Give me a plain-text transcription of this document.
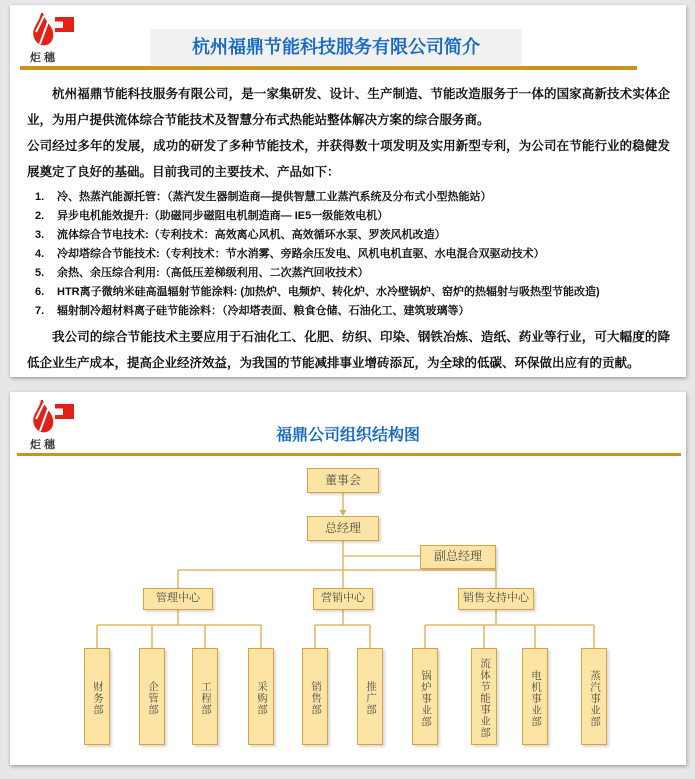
炬穗
杭州福鼎节能科技服务有限公司简介

杭州福鼎节能科技服务有限公司，是一家集研发、设计、生产制造、节能改造服务于一体的国家高新技术实体企业，为用户提供流体综合节能技术及智慧分布式热能站整体解决方案的综合服务商。

公司经过多年的发展，成功的研发了多种节能技术，并获得数十项发明及实用新型专利，为公司在节能行业的稳健发展奠定了良好的基础。目前我司的主要技术、产品如下：

1.	冷、热蒸汽能源托管：（蒸汽发生器制造商—提供智慧工业蒸汽系统及分布式小型热能站）
2.	异步电机能效提升:（助磁同步磁阻电机制造商— IE5一级能效电机）
3.	流体综合节电技术:（专利技术：高效离心风机、高效循环水泵、罗茨风机改造）
4.	冷却塔综合节能技术:（专利技术：节水消雾、旁路余压发电、风机电机直驱、水电混合双驱动技术）
5.	余热、余压综合利用:（高低压差梯级利用、二次蒸汽回收技术）
6.	HTR离子微纳米硅高温辐射节能涂料: (加热炉、电频炉、转化炉、水冷壁锅炉、窑炉的热辐射与吸热型节能改造)
7.	辐射制冷超材料离子硅节能涂料：（冷却塔表面、粮食仓储、石油化工、建筑玻璃等）

我公司的综合节能技术主要应用于石油化工、化肥、纺织、印染、钢铁冶炼、造纸、药业等行业，可大幅度的降低企业生产成本，提高企业经济效益，为我国的节能减排事业增砖添瓦，为全球的低碳、环保做出应有的贡献。

炬穗
福鼎公司组织结构图
董事会
总经理
副总经理
管理中心	营销中心	销售支持中心
财务部	企管部	工程部	采购部	销售部	推广部	锅炉事业部	流体节能事业部	电机事业部	蒸汽事业部
